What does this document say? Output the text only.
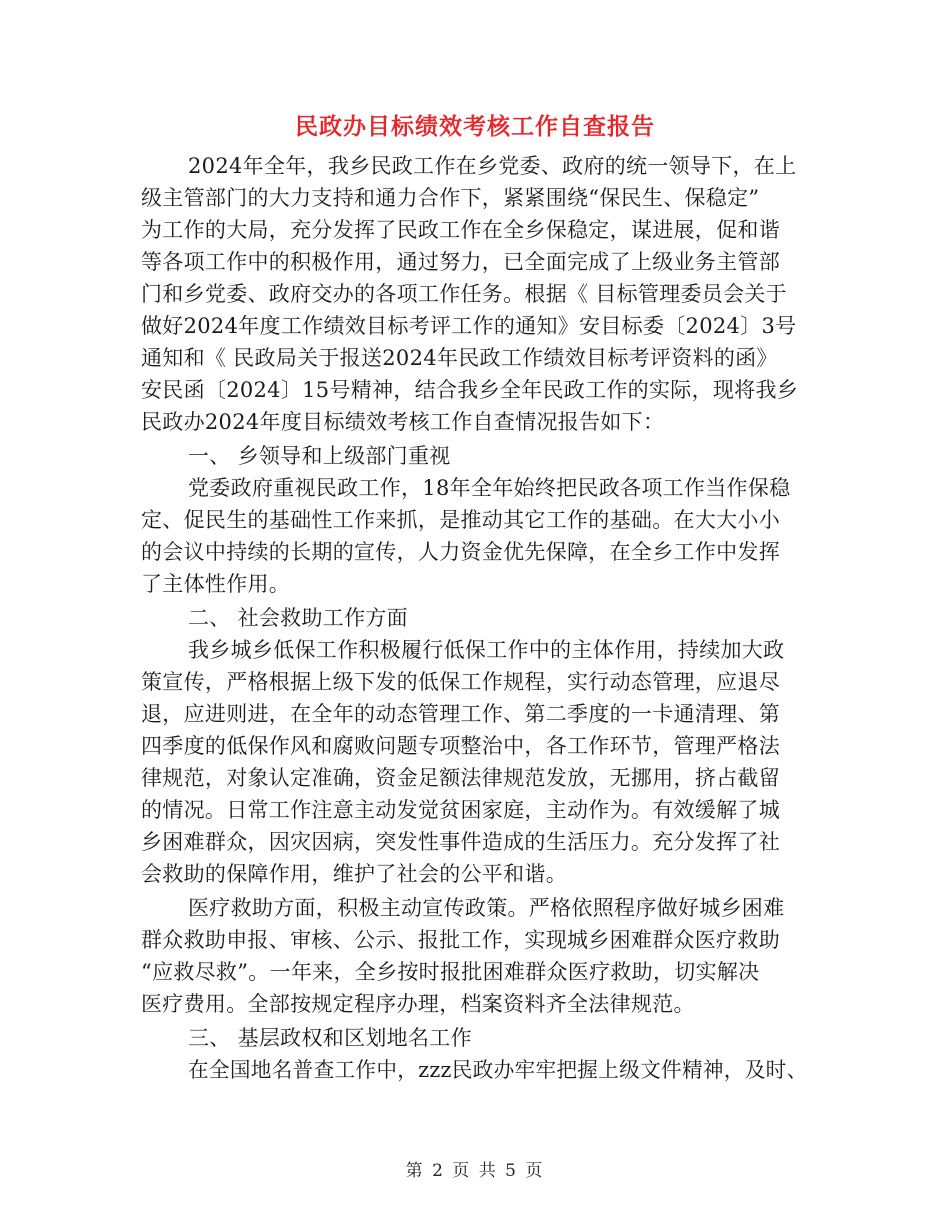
民政办目标绩效考核工作自查报告
2024年全年，我乡民政工作在乡党委、政府的统一领导下，在上
级主管部门的大力支持和通力合作下，紧紧围绕“保民生、保稳定”
为工作的大局，充分发挥了民政工作在全乡保稳定，谋进展，促和谐
等各项工作中的积极作用，通过努力，已全面完成了上级业务主管部
门和乡党委、政府交办的各项工作任务。根据《 目标管理委员会关于
做好2024年度工作绩效目标考评工作的通知》安目标委〔2024〕3号
通知和《 民政局关于报送2024年民政工作绩效目标考评资料的函》
安民函〔2024〕15号精神，结合我乡全年民政工作的实际，现将我乡
民政办2024年度目标绩效考核工作自查情况报告如下：
一、 乡领导和上级部门重视
党委政府重视民政工作，18年全年始终把民政各项工作当作保稳
定、促民生的基础性工作来抓，是推动其它工作的基础。在大大小小
的会议中持续的长期的宣传，人力资金优先保障，在全乡工作中发挥
了主体性作用。
二、 社会救助工作方面
我乡城乡低保工作积极履行低保工作中的主体作用，持续加大政
策宣传，严格根据上级下发的低保工作规程，实行动态管理，应退尽
退，应进则进，在全年的动态管理工作、第二季度的一卡通清理、第
四季度的低保作风和腐败问题专项整治中，各工作环节，管理严格法
律规范，对象认定准确，资金足额法律规范发放，无挪用，挤占截留
的情况。日常工作注意主动发觉贫困家庭，主动作为。有效缓解了城
乡困难群众，因灾因病，突发性事件造成的生活压力。充分发挥了社
会救助的保障作用，维护了社会的公平和谐。
医疗救助方面，积极主动宣传政策。严格依照程序做好城乡困难
群众救助申报、审核、公示、报批工作，实现城乡困难群众医疗救助
“应救尽救”。一年来，全乡按时报批困难群众医疗救助，切实解决
医疗费用。全部按规定程序办理，档案资料齐全法律规范。
三、 基层政权和区划地名工作
在全国地名普查工作中，zzz民政办牢牢把握上级文件精神，及时、
第 2 页 共 5 页
